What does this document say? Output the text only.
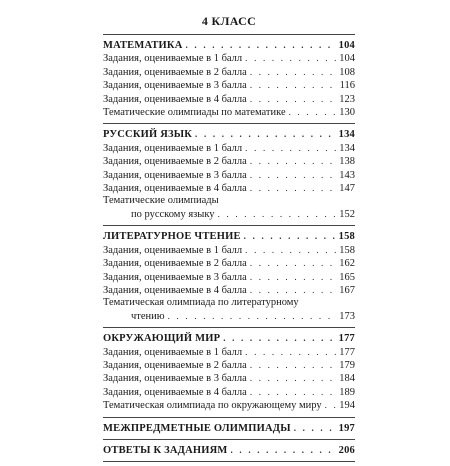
4 КЛАСС
МАТЕМАТИКА . . .	104
Задания, оцениваемые в 1 балл . . .	104
Задания, оцениваемые в 2 балла . . .	108
Задания, оцениваемые в 3 балла . . .	116
Задания, оцениваемые в 4 балла . . .	123
Тематические олимпиады по математике . . .	130
РУССКИЙ ЯЗЫК . . .	134
Задания, оцениваемые в 1 балл . . .	134
Задания, оцениваемые в 2 балла . . .	138
Задания, оцениваемые в 3 балла . . .	143
Задания, оцениваемые в 4 балла . . .	147
Тематические олимпиады
по русскому языку . . .	152
ЛИТЕРАТУРНОЕ ЧТЕНИЕ . . .	158
Задания, оцениваемые в 1 балл . . .	158
Задания, оцениваемые в 2 балла . . .	162
Задания, оцениваемые в 3 балла . . .	165
Задания, оцениваемые в 4 балла . . .	167
Тематическая олимпиада по литературному
чтению . . .	173
ОКРУЖАЮЩИЙ МИР . . .	177
Задания, оцениваемые в 1 балл . . .	177
Задания, оцениваемые в 2 балла . . .	179
Задания, оцениваемые в 3 балла . . .	184
Задания, оцениваемые в 4 балла . . .	189
Тематическая олимпиада по окружающему миру . . . 194
МЕЖПРЕДМЕТНЫЕ ОЛИМПИАДЫ . . .	197
ОТВЕТЫ К ЗАДАНИЯМ . . .	206
